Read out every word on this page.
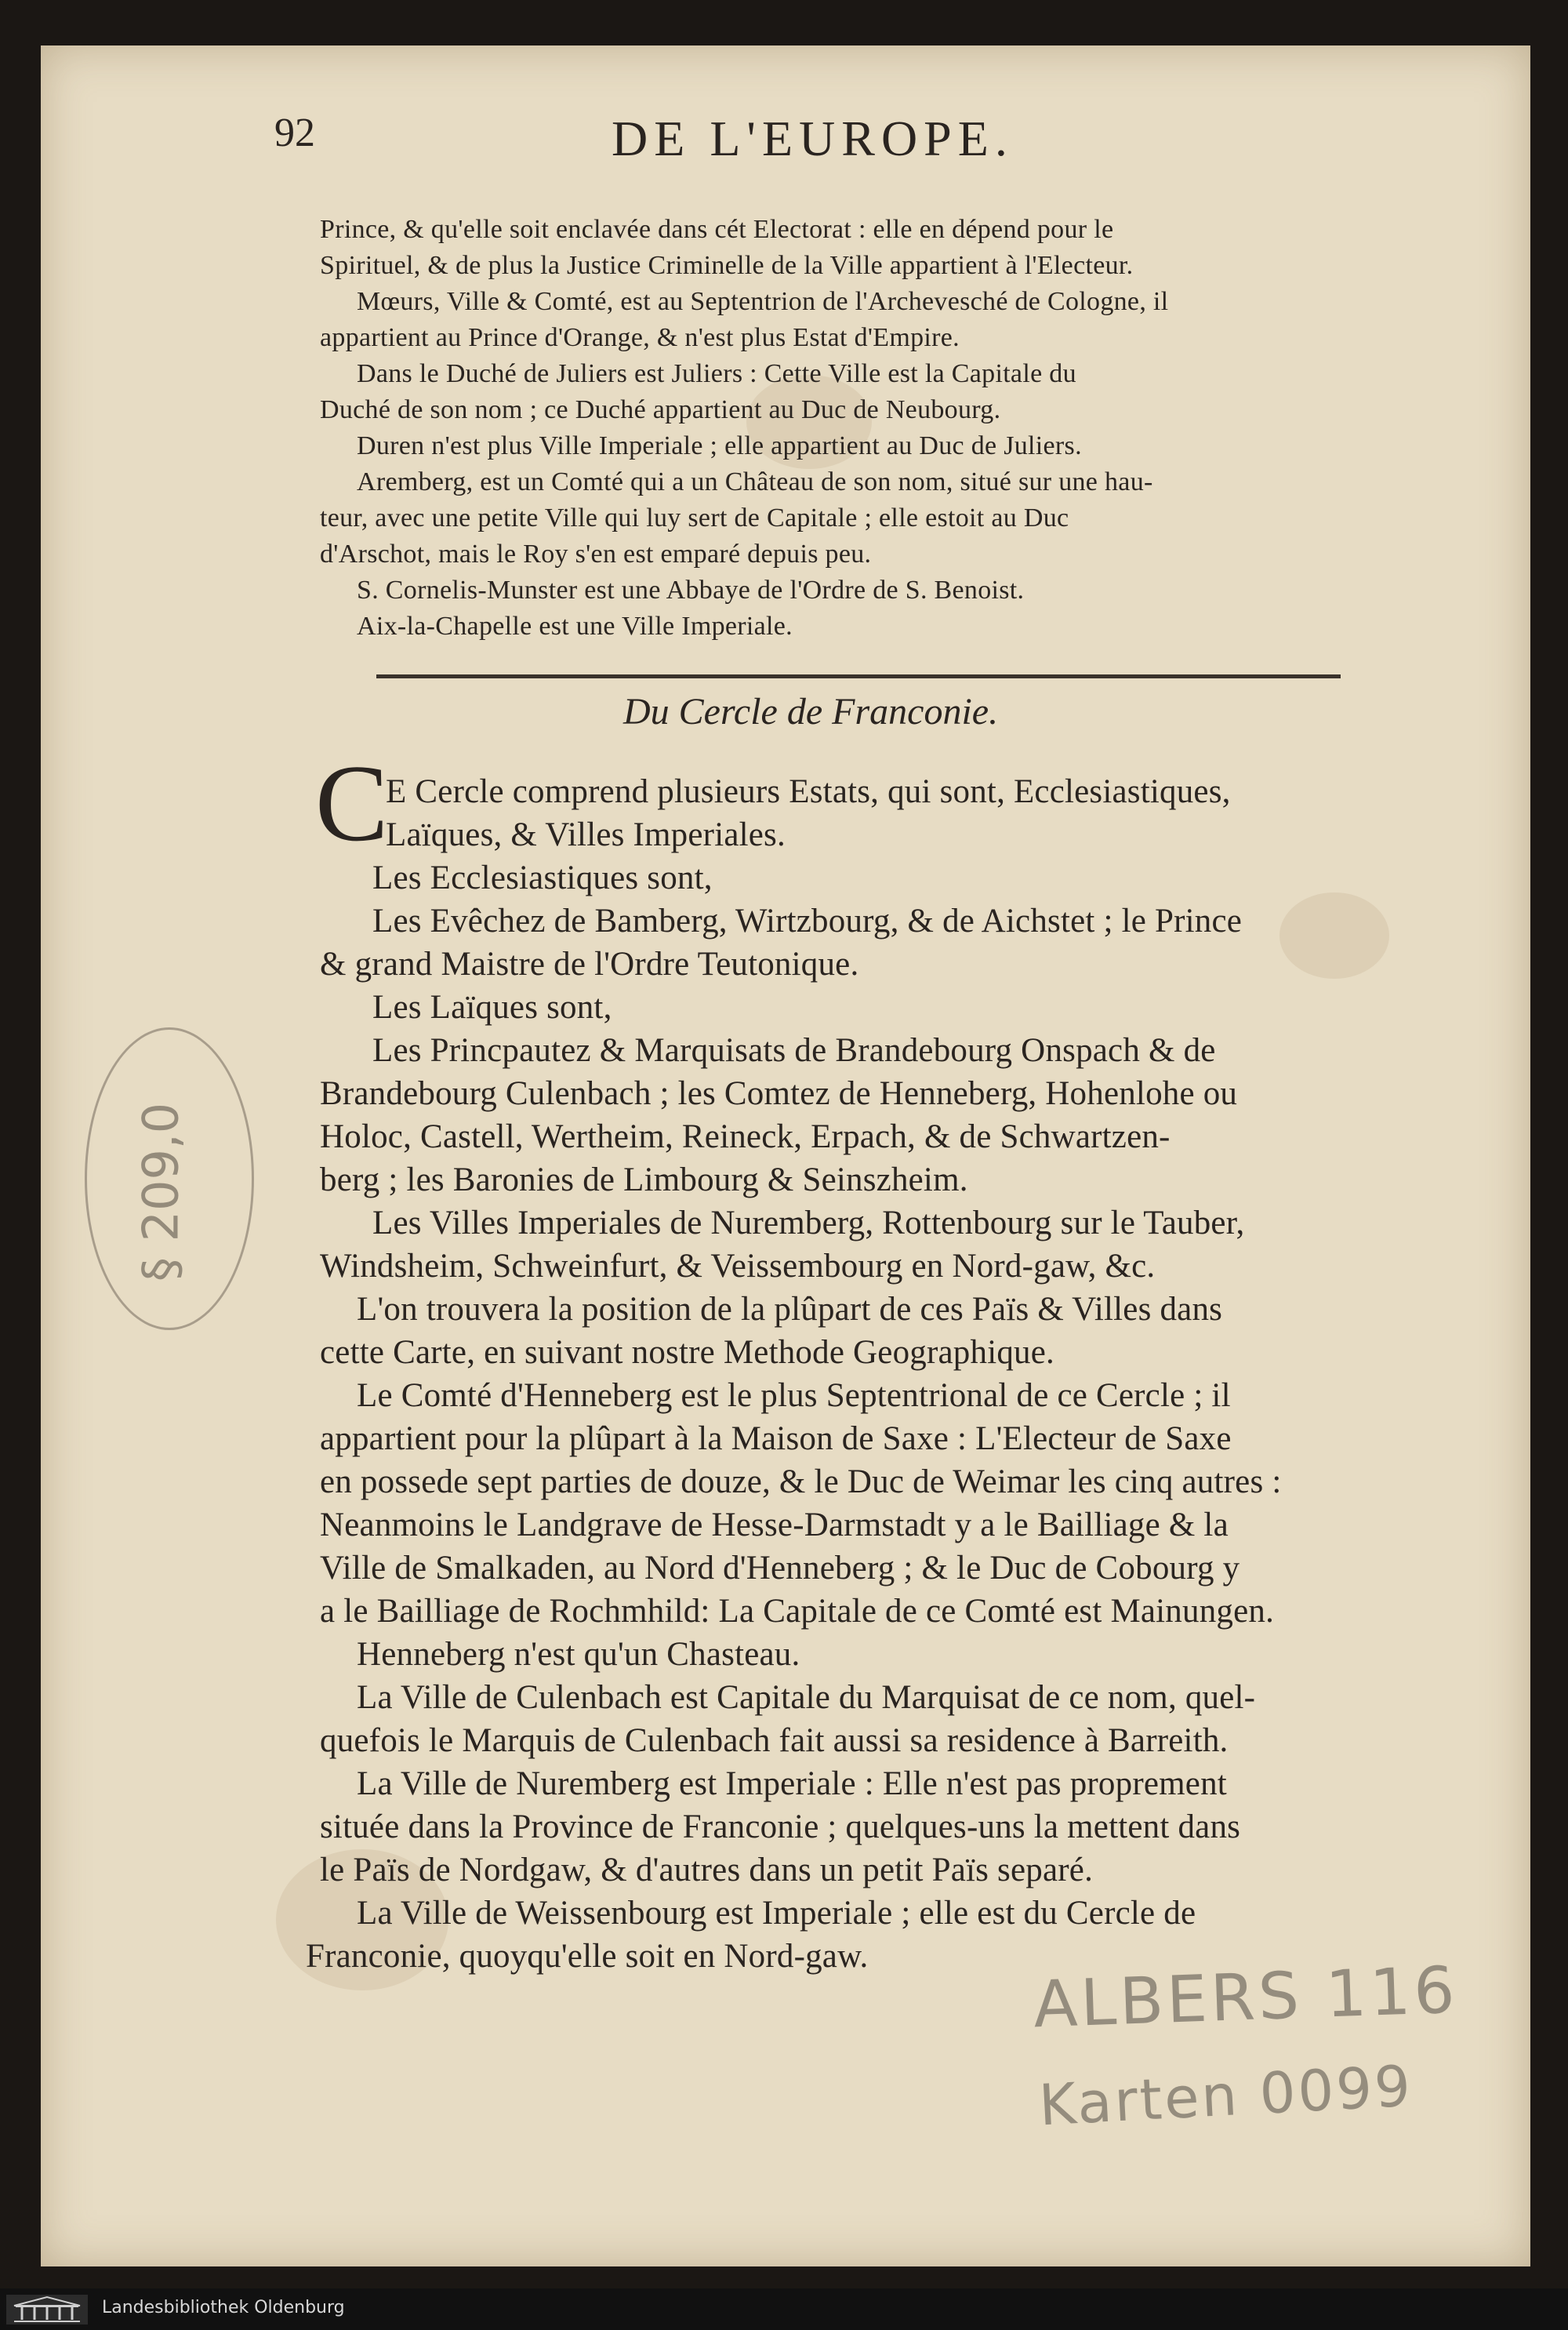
92	DE L'EUROPE.
Prince, & qu'elle soit enclavée dans cét Electorat : elle en dépend pour le
Spirituel, & de plus la Justice Criminelle de la Ville appartient à l'Electeur.
Mœurs, Ville & Comté, est au Septentrion de l'Archevesché de Cologne, il
appartient au Prince d'Orange, & n'est plus Estat d'Empire.
Dans le Duché de Juliers est Juliers : Cette Ville est la Capitale du
Duché de son nom ; ce Duché appartient au Duc de Neubourg.
Duren n'est plus Ville Imperiale ; elle appartient au Duc de Juliers.
Aremberg, est un Comté qui a un Château de son nom, situé sur une hau-
teur, avec une petite Ville qui luy sert de Capitale ; elle estoit au Duc
d'Arschot, mais le Roy s'en est emparé depuis peu.
S. Cornelis-Munster est une Abbaye de l'Ordre de S. Benoist.
Aix-la-Chapelle est une Ville Imperiale.
Du Cercle de Franconie.
C
E Cercle comprend plusieurs Estats, qui sont, Ecclesiastiques,
Laïques, & Villes Imperiales.
Les Ecclesiastiques sont,
Les Evêchez de Bamberg, Wirtzbourg, & de Aichstet ; le Prince
& grand Maistre de l'Ordre Teutonique.
Les Laïques sont,
Les Princpautez & Marquisats de Brandebourg Onspach & de
Brandebourg Culenbach ; les Comtez de Henneberg, Hohenlohe ou
Holoc, Castell, Wertheim, Reineck, Erpach, & de Schwartzen-
berg ; les Baronies de Limbourg & Seinszheim.
Les Villes Imperiales de Nuremberg, Rottenbourg sur le Tauber,
Windsheim, Schweinfurt, & Veissembourg en Nord-gaw, &c.
L'on trouvera la position de la plûpart de ces Païs & Villes dans
cette Carte, en suivant nostre Methode Geographique.
Le Comté d'Henneberg est le plus Septentrional de ce Cercle ; il
appartient pour la plûpart à la Maison de Saxe : L'Electeur de Saxe
en possede sept parties de douze, & le Duc de Weimar les cinq autres :
Neanmoins le Landgrave de Hesse-Darmstadt y a le Bailliage & la
Ville de Smalkaden, au Nord d'Henneberg ; & le Duc de Cobourg y
a le Bailliage de Rochmhild: La Capitale de ce Comté est Mainungen.
Henneberg n'est qu'un Chasteau.
La Ville de Culenbach est Capitale du Marquisat de ce nom, quel-
quefois le Marquis de Culenbach fait aussi sa residence à Barreith.
La Ville de Nuremberg est Imperiale : Elle n'est pas proprement
située dans la Province de Franconie ; quelques-uns la mettent dans
le Païs de Nordgaw, & d'autres dans un petit Païs separé.
La Ville de Weissenbourg est Imperiale ; elle est du Cercle de
Franconie, quoyqu'elle soit en Nord-gaw.
§ 209,0
ALBERS 116
Karten 0099
Landesbibliothek Oldenburg
